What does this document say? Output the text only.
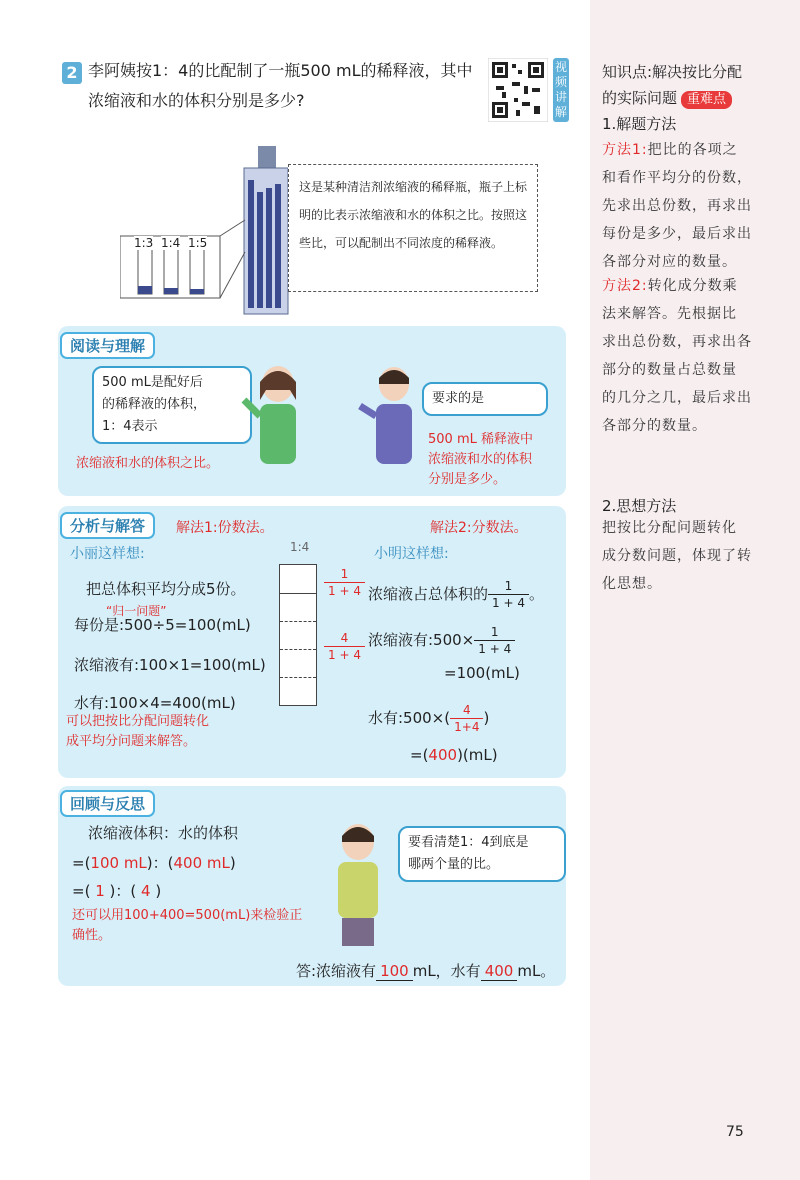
知识点:解决按比分配
的实际问题 重难点
1.解题方法
方法1:把比的各项之
和看作平均分的份数，
先求出总份数，再求出
每份是多少，最后求出
各部分对应的数量。
方法2:转化成分数乘
法来解答。先根据比
求出总份数，再求出各
部分的数量占总数量
的几分之几，最后求出
各部分的数量。
2.思想方法
把按比分配问题转化
成分数问题，体现了转
化思想。
2 李阿姨按1：4的比配制了一瓶500 mL的稀释液，其中
浓缩液和水的体积分别是多少?
视频讲解
1:3 1:4 1:5
这是某种清洁剂浓缩液的稀释瓶，瓶子上标明的比表示浓缩液和水的体积之比。按照这些比，可以配制出不同浓度的稀释液。
阅读与理解
500 mL是配好后
的稀释液的体积，
1：4表示
浓缩液和水的体积之比。
要求的是
500 mL 稀释液中
浓缩液和水的体积
分别是多少。
分析与解答	解法1:份数法。	解法2:分数法。
小丽这样想:	小明这样想:
1:4
把总体积平均分成5份。
“归一问题”
每份是:500÷5=100(mL)
浓缩液有:100×1=100(mL)
水有:100×4=400(mL)
可以把按比分配问题转化
成平均分问题来解答。
$\frac{1}{1 + 4}$
$\frac{4}{1 + 4}$
浓缩液占总体积的 $\frac{1}{1 + 4}$ 。
浓缩液有:500× $\frac{1}{1 + 4}$
=100(mL)
水有:500×( $\frac{4}{1+4}$ )
=(400)(mL)
回顾与反思
浓缩液体积：水的体积
=(100 mL)：(400 mL)
=( 1 )：( 4 )
还可以用100+400=500(mL)来检验正
确性。
要看清楚1：4到底是
哪两个量的比。
答:浓缩液有 100 mL，水有 400 mL。
75
